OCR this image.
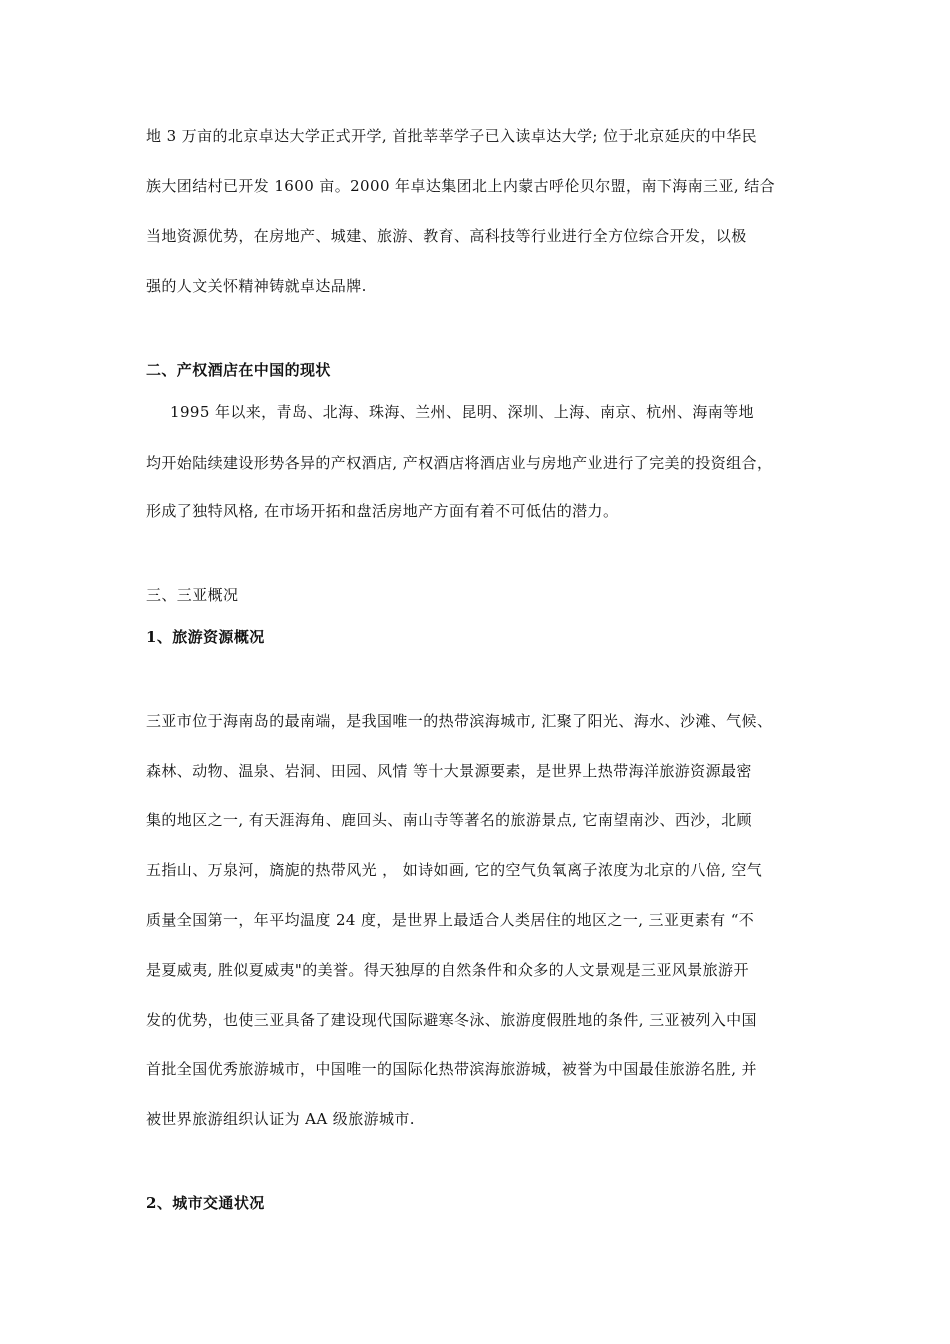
地 3 万亩的北京卓达大学正式开学, 首批莘莘学子已入读卓达大学; 位于北京延庆的中华民
族大团结村已开发 1600 亩。2000 年卓达集团北上内蒙古呼伦贝尔盟，南下海南三亚, 结合
当地资源优势，在房地产、城建、旅游、教育、高科技等行业进行全方位综合开发，以极
强的人文关怀精神铸就卓达品牌.
二、产权酒店在中国的现状
1995 年以来，青岛、北海、珠海、兰州、昆明、深圳、上海、南京、杭州、海南等地
均开始陆续建设形势各异的产权酒店, 产权酒店将酒店业与房地产业进行了完美的投资组合，
形成了独特风格, 在市场开拓和盘活房地产方面有着不可低估的潜力。
三、三亚概况
1、旅游资源概况
三亚市位于海南岛的最南端，是我国唯一的热带滨海城市, 汇聚了阳光、海水、沙滩、气候、
森林、动物、温泉、岩洞、田园、风情 等十大景源要素，是世界上热带海洋旅游资源最密
集的地区之一, 有天涯海角、鹿回头、南山寺等著名的旅游景点, 它南望南沙、西沙，北顾
五指山、万泉河，旖旎的热带风光 ， 如诗如画, 它的空气负氧离子浓度为北京的八倍, 空气
质量全国第一，年平均温度 24 度，是世界上最适合人类居住的地区之一, 三亚更素有 “不
是夏威夷, 胜似夏威夷"的美誉。得天独厚的自然条件和众多的人文景观是三亚风景旅游开
发的优势，也使三亚具备了建设现代国际避寒冬泳、旅游度假胜地的条件, 三亚被列入中国
首批全国优秀旅游城市，中国唯一的国际化热带滨海旅游城，被誉为中国最佳旅游名胜, 并
被世界旅游组织认证为 AA 级旅游城市.
2、城市交通状况
